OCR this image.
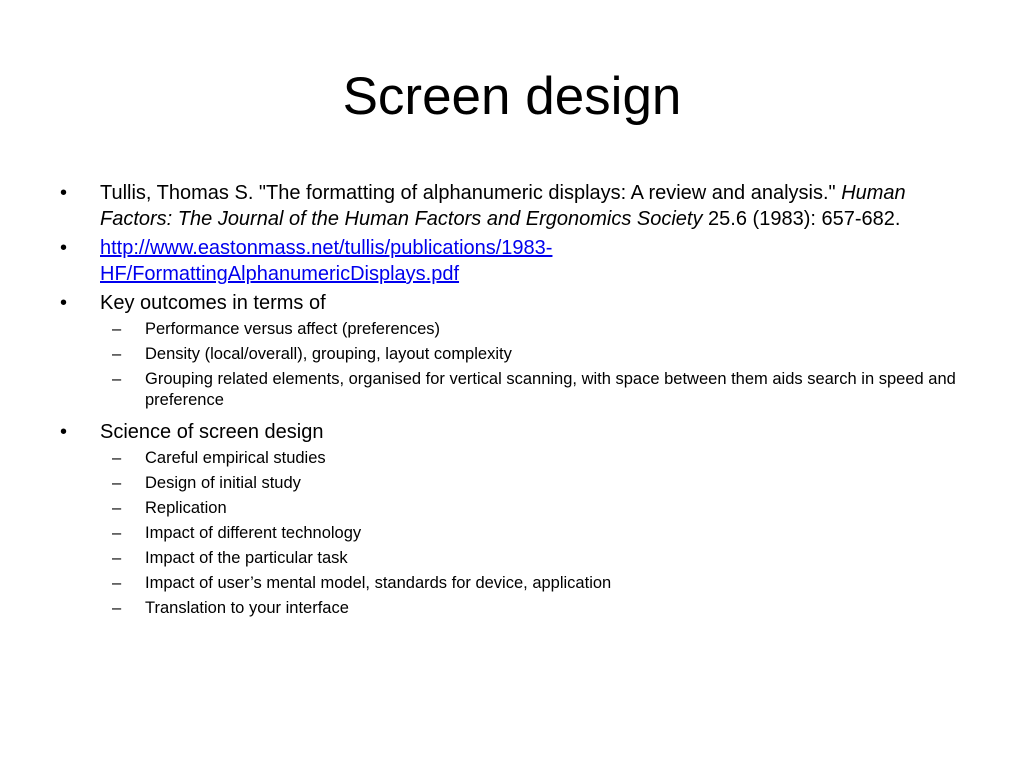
Screen design
•	Tullis, Thomas S. "The formatting of alphanumeric displays: A review and analysis." Human Factors: The Journal of the Human Factors and Ergonomics Society 25.6 (1983): 657-682.
•	http://www.eastonmass.net/tullis/publications/1983-
HF/FormattingAlphanumericDisplays.pdf
•	Key outcomes in terms of
– Performance versus affect (preferences)
– Density (local/overall), grouping, layout complexity
– Grouping related elements, organised for vertical scanning, with space between them aids search in speed and preference
•	Science of screen design
– Careful empirical studies
– Design of initial study
– Replication
– Impact of different technology
– Impact of the particular task
– Impact of user’s mental model, standards for device, application
– Translation to your interface
